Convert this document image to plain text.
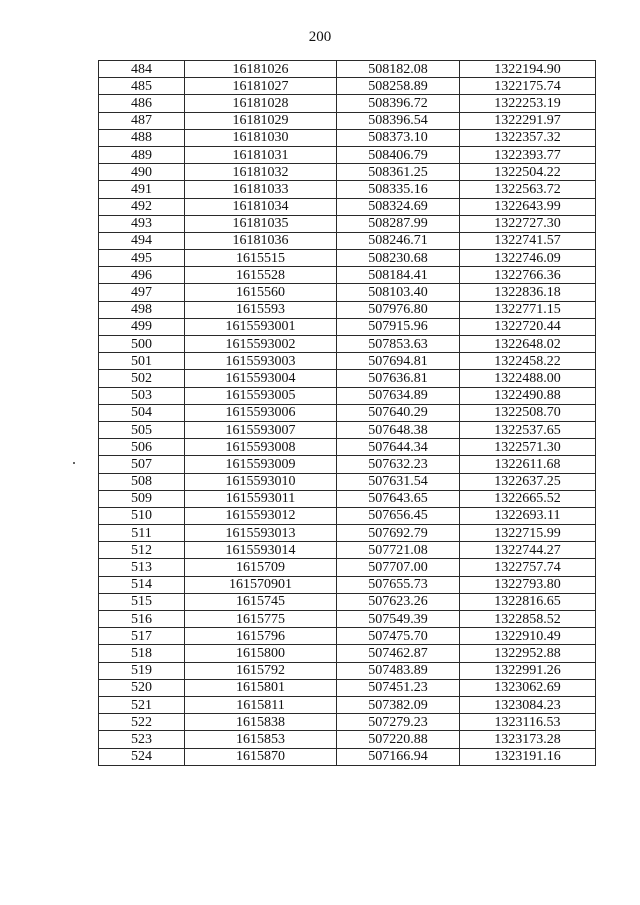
200
484	16181026	508182.08	1322194.90
485	16181027	508258.89	1322175.74
486	16181028	508396.72	1322253.19
487	16181029	508396.54	1322291.97
488	16181030	508373.10	1322357.32
489	16181031	508406.79	1322393.77
490	16181032	508361.25	1322504.22
491	16181033	508335.16	1322563.72
492	16181034	508324.69	1322643.99
493	16181035	508287.99	1322727.30
494	16181036	508246.71	1322741.57
495	1615515	508230.68	1322746.09
496	1615528	508184.41	1322766.36
497	1615560	508103.40	1322836.18
498	1615593	507976.80	1322771.15
499	1615593001	507915.96	1322720.44
500	1615593002	507853.63	1322648.02
501	1615593003	507694.81	1322458.22
502	1615593004	507636.81	1322488.00
503	1615593005	507634.89	1322490.88
504	1615593006	507640.29	1322508.70
505	1615593007	507648.38	1322537.65
506	1615593008	507644.34	1322571.30
507	1615593009	507632.23	1322611.68
508	1615593010	507631.54	1322637.25
509	1615593011	507643.65	1322665.52
510	1615593012	507656.45	1322693.11
511	1615593013	507692.79	1322715.99
512	1615593014	507721.08	1322744.27
513	1615709	507707.00	1322757.74
514	161570901	507655.73	1322793.80
515	1615745	507623.26	1322816.65
516	1615775	507549.39	1322858.52
517	1615796	507475.70	1322910.49
518	1615800	507462.87	1322952.88
519	1615792	507483.89	1322991.26
520	1615801	507451.23	1323062.69
521	1615811	507382.09	1323084.23
522	1615838	507279.23	1323116.53
523	1615853	507220.88	1323173.28
524	1615870	507166.94	1323191.16
